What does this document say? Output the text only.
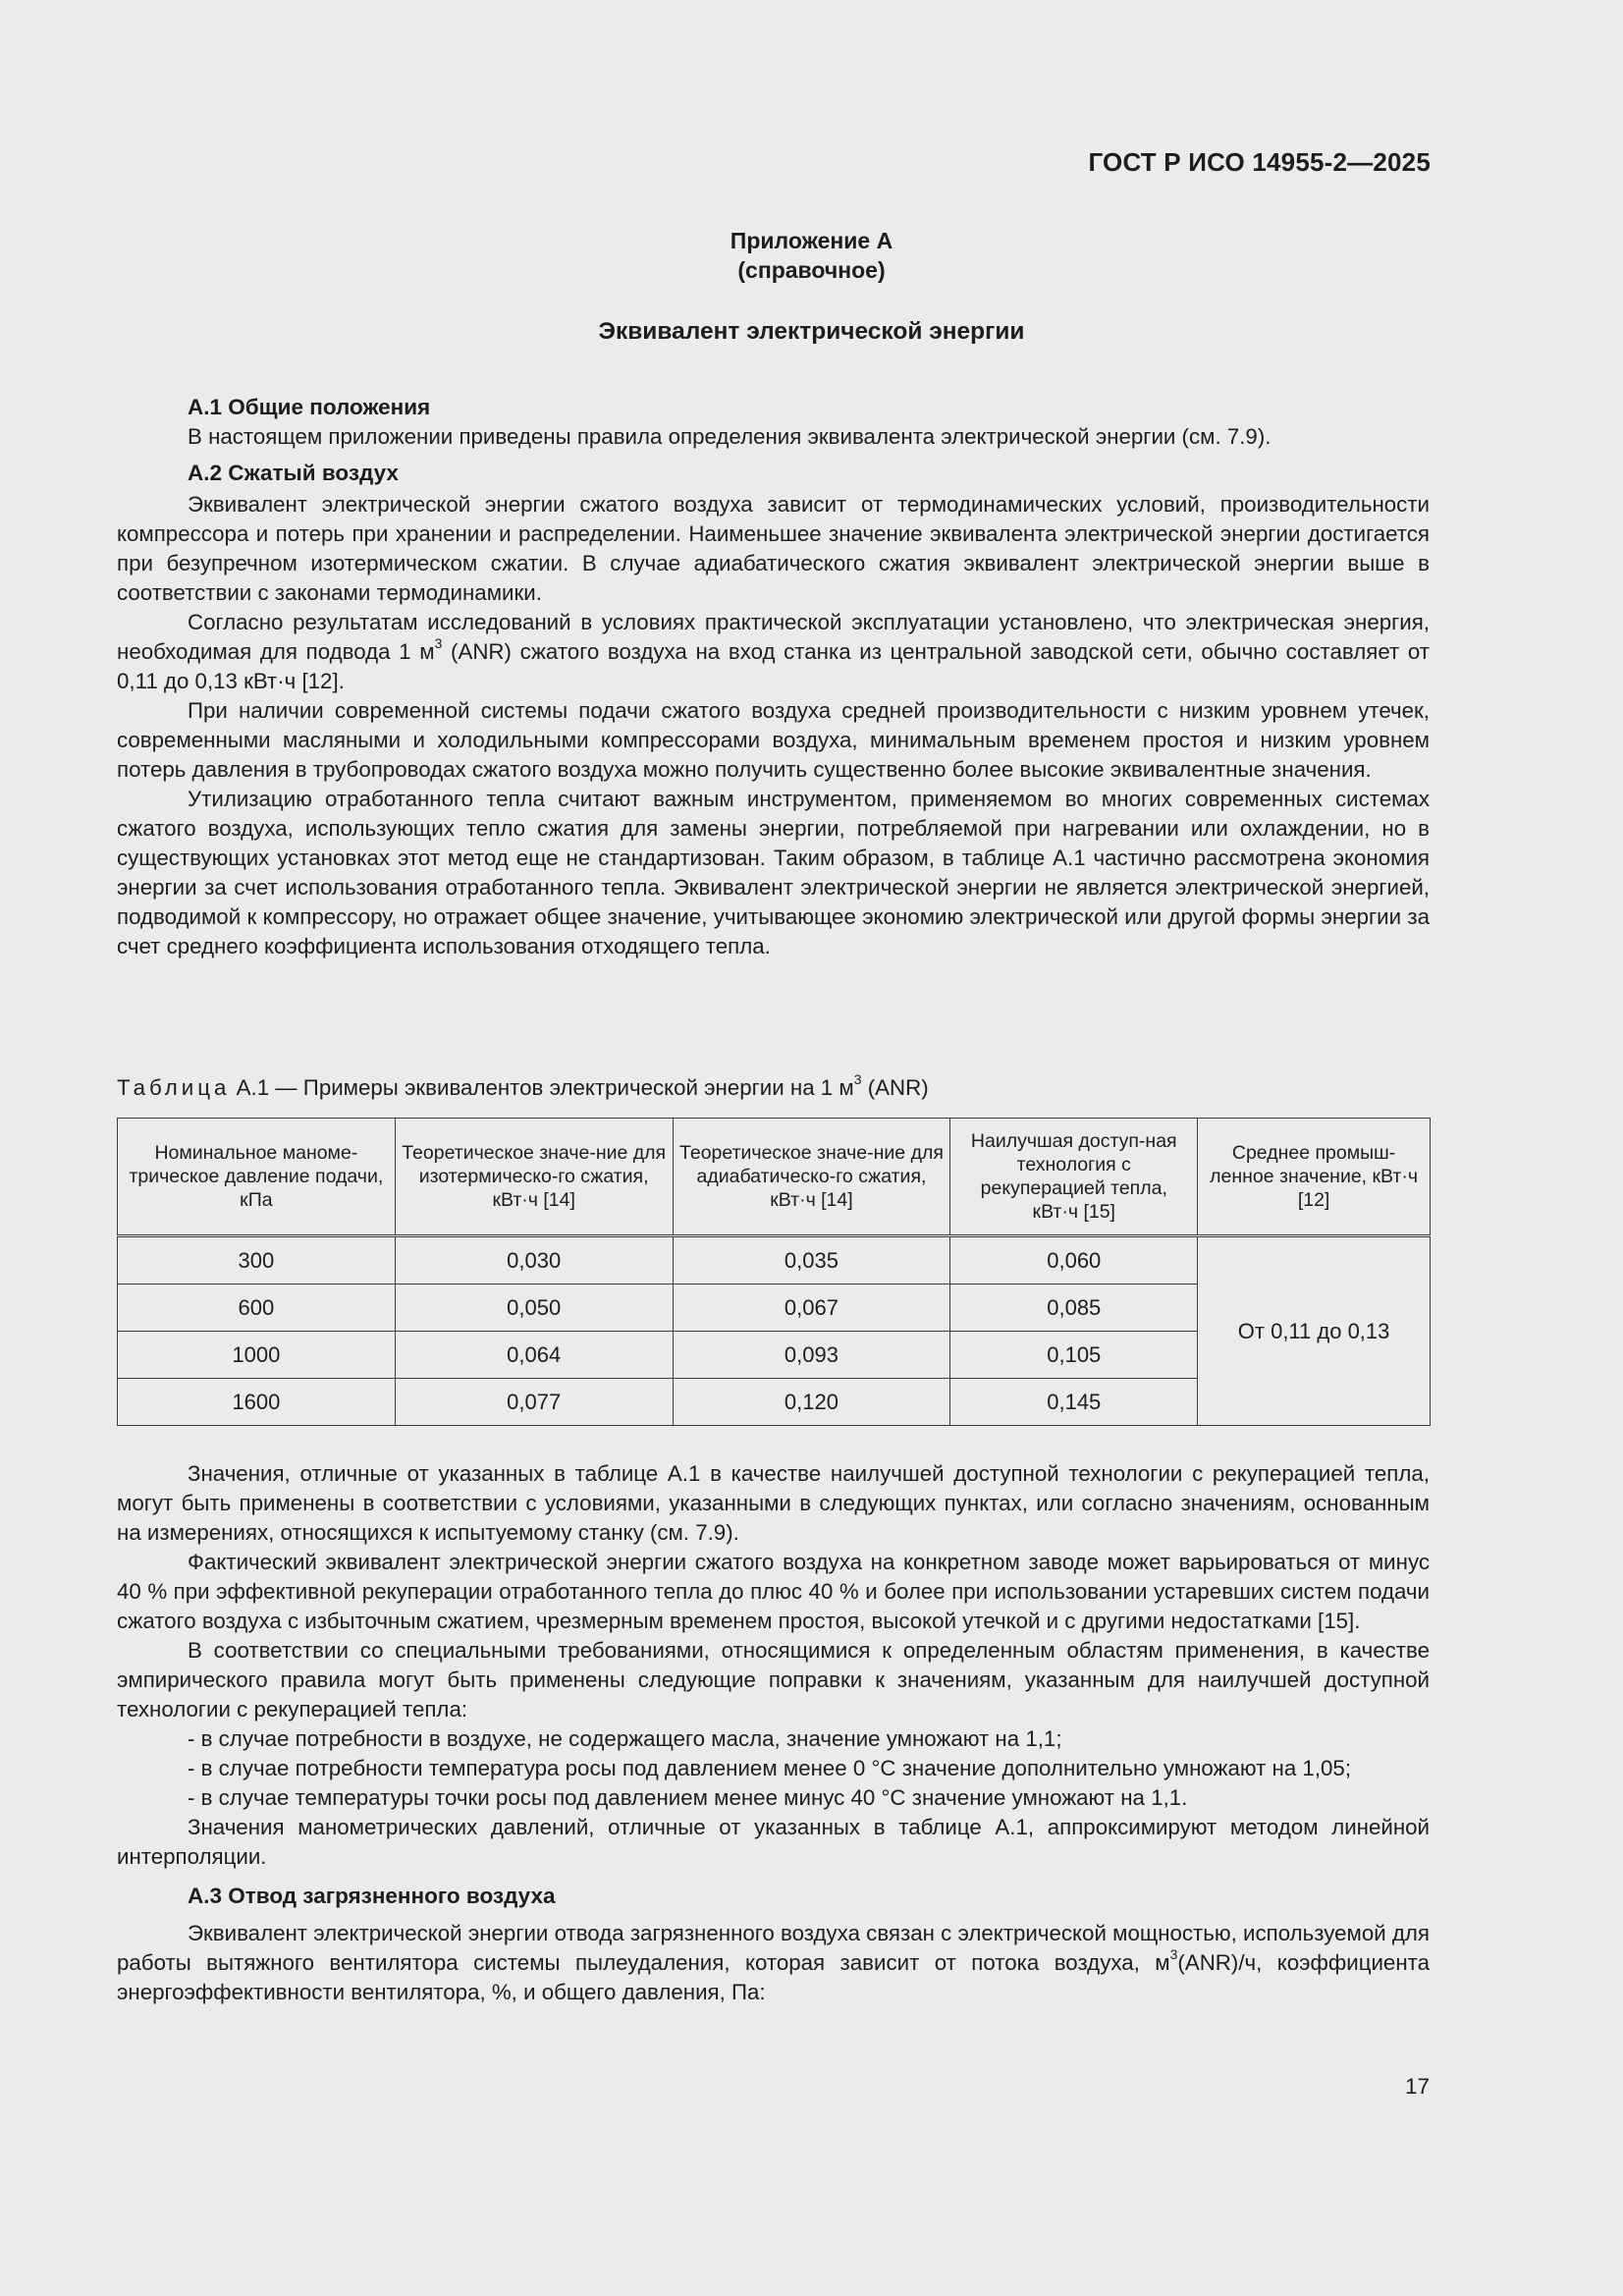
ГОСТ Р ИСО 14955-2—2025
Приложение А
(справочное)
Эквивалент электрической энергии
А.1 Общие положения

В настоящем приложении приведены правила определения эквивалента электрической энергии (см. 7.9).

А.2 Сжатый воздух

Эквивалент электрической энергии сжатого воздуха зависит от термодинамических условий, производительности компрессора и потерь при хранении и распределении. Наименьшее значение эквивалента электрической энергии достигается при безупречном изотермическом сжатии. В случае адиабатического сжатия эквивалент электрической энергии выше в соответствии с законами термодинамики.

Согласно результатам исследований в условиях практической эксплуатации установлено, что электрическая энергия, необходимая для подвода 1 $м^3$ (ANR) сжатого воздуха на вход станка из центральной заводской сети, обычно составляет от 0,11 до 0,13 кВт·ч [12].

При наличии современной системы подачи сжатого воздуха средней производительности с низким уровнем утечек, современными масляными и холодильными компрессорами воздуха, минимальным временем простоя и низким уровнем потерь давления в трубопроводах сжатого воздуха можно получить существенно более высокие эквивалентные значения.

Утилизацию отработанного тепла считают важным инструментом, применяемом во многих современных системах сжатого воздуха, использующих тепло сжатия для замены энергии, потребляемой при нагревании или охлаждении, но в существующих установках этот метод еще не стандартизован. Таким образом, в таблице А.1 частично рассмотрена экономия энергии за счет использования отработанного тепла. Эквивалент электрической энергии не является электрической энергией, подводимой к компрессору, но отражает общее значение, учитывающее экономию электрической или другой формы энергии за счет среднего коэффициента использования отходящего тепла.

Таблица А.1 — Примеры эквивалентов электрической энергии на 1 $м^3$ (ANR)
Номинальное маноме-трическое давление подачи, кПа	Теоретическое значе-ние для изотермическо-го сжатия, кВт·ч [14]	Теоретическое значе-ние для адиабатическо-го сжатия, кВт·ч [14]	Наилучшая доступ-ная технология с рекуперацией тепла, кВт·ч [15]	Среднее промыш-ленное значение, кВт·ч [12]
300	0,030	0,035	0,060	От 0,11 до 0,13
600	0,050	0,067	0,085	
1000	0,064	0,093	0,105	
1600	0,077	0,120	0,145	

Значения, отличные от указанных в таблице А.1 в качестве наилучшей доступной технологии с рекуперацией тепла, могут быть применены в соответствии с условиями, указанными в следующих пунктах, или согласно значениям, основанным на измерениях, относящихся к испытуемому станку (см. 7.9).

Фактический эквивалент электрической энергии сжатого воздуха на конкретном заводе может варьироваться от минус 40 % при эффективной рекуперации отработанного тепла до плюс 40 % и более при использовании устаревших систем подачи сжатого воздуха с избыточным сжатием, чрезмерным временем простоя, высокой утечкой и с другими недостатками [15].

В соответствии со специальными требованиями, относящимися к определенным областям применения, в качестве эмпирического правила могут быть применены следующие поправки к значениям, указанным для наилучшей доступной технологии с рекуперацией тепла:

- в случае потребности в воздухе, не содержащего масла, значение умножают на 1,1;

- в случае потребности температура росы под давлением менее 0 °С значение дополнительно умножают на 1,05;

- в случае температуры точки росы под давлением менее минус 40 °С значение умножают на 1,1.

Значения манометрических давлений, отличные от указанных в таблице А.1, аппроксимируют методом линейной интерполяции.

А.3 Отвод загрязненного воздуха

Эквивалент электрической энергии отвода загрязненного воздуха связан с электрической мощностью, используемой для работы вытяжного вентилятора системы пылеудаления, которая зависит от потока воздуха, $м^3(ANR)/ч$, коэффициента энергоэффективности вентилятора, %, и общего давления, Па:

17
